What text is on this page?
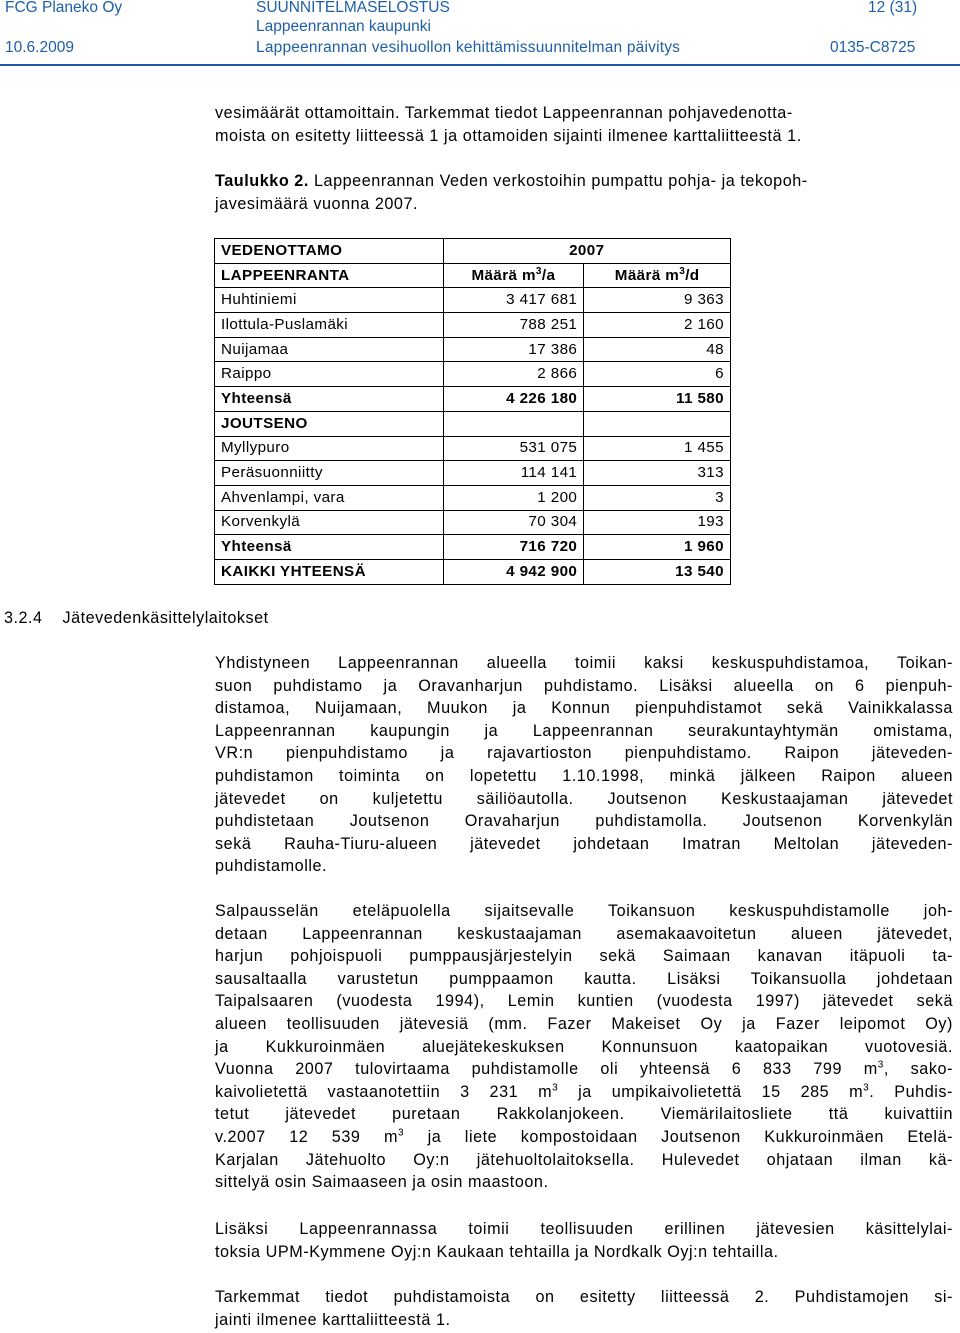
FCG Planeko Oy	SUUNNITELMASELOSTUS	12 (31)
Lappeenrannan kaupunki
10.6.2009	Lappeenrannan vesihuollon kehittämissuunnitelman päivitys	0135-C8725
vesimäärät ottamoittain. Tarkemmat tiedot Lappeenrannan pohjavedenotta-
moista on esitetty liitteessä 1 ja ottamoiden sijainti ilmenee karttaliitteestä 1.
Taulukko 2. Lappeenrannan Veden verkostoihin pumpattu pohja- ja tekopoh-
javesimäärä vuonna 2007.
VEDENOTTAMO	2007	
LAPPEENRANTA	Määrä $m^3/a$	Määrä $m^3/d$
Huhtiniemi	3 417 681	9 363
Ilottula-Puslamäki	788 251	2 160
Nuijamaa	17 386	48
Raippo	2 866	6
Yhteensä	4 226 180	11 580
JOUTSENO		
Myllypuro	531 075	1 455
Peräsuonniitty	114 141	313
Ahvenlampi, vara	1 200	3
Korvenkylä	70 304	193
Yhteensä	716 720	1 960
KAIKKI YHTEENSÄ	4 942 900	13 540
3.2.4 Jätevedenkäsittelylaitokset
Yhdistyneen Lappeenrannan alueella toimii kaksi keskuspuhdistamoa, Toikan-
suon puhdistamo ja Oravanharjun puhdistamo. Lisäksi alueella on 6 pienpuh-
distamoa, Nuijamaan, Muukon ja Konnun pienpuhdistamot sekä Vainikkalassa
Lappeenrannan kaupungin ja Lappeenrannan seurakuntayhtymän omistama,
VR:n pienpuhdistamo ja rajavartioston pienpuhdistamo. Raipon jäteveden-
puhdistamon toiminta on lopetettu 1.10.1998, minkä jälkeen Raipon alueen
jätevedet on kuljetettu säiliöautolla. Joutsenon Keskustaajaman jätevedet
puhdistetaan Joutsenon Oravaharjun puhdistamolla. Joutsenon Korvenkylän
sekä Rauha-Tiuru-alueen jätevedet johdetaan Imatran Meltolan jäteveden-
puhdistamolle.
Salpausselän eteläpuolella sijaitsevalle Toikansuon keskuspuhdistamolle joh-
detaan Lappeenrannan keskustaajaman asemakaavoitetun alueen jätevedet,
harjun pohjoispuoli pumppausjärjestelyin sekä Saimaan kanavan itäpuoli ta-
sausaltaalla varustetun pumppaamon kautta. Lisäksi Toikansuolla johdetaan
Taipalsaaren (vuodesta 1994), Lemin kuntien (vuodesta 1997) jätevedet sekä
alueen teollisuuden jätevesiä (mm. Fazer Makeiset Oy ja Fazer leipomot Oy)
ja Kukkuroinmäen aluejätekeskuksen Konnunsuon kaatopaikan vuotovesiä.
Vuonna 2007 tulovirtaama puhdistamolle oli yhteensä 6 833 799 $m^3$, sako-
kaivolietettä vastaanotettiin 3 231 $m^3$ ja umpikaivolietettä 15 285 $m^3$. Puhdis-
tetut jätevedet puretaan Rakkolanjokeen. Viemärilaitosliete ttä kuivattiin
v.2007 12 539 $m^3$ ja liete kompostoidaan Joutsenon Kukkuroinmäen Etelä-
Karjalan Jätehuolto Oy:n jätehuoltolaitoksella. Hulevedet ohjataan ilman kä-
sittelyä osin Saimaaseen ja osin maastoon.
Lisäksi Lappeenrannassa toimii teollisuuden erillinen jätevesien käsittelylai-
toksia UPM-Kymmene Oyj:n Kaukaan tehtailla ja Nordkalk Oyj:n tehtailla.
Tarkemmat tiedot puhdistamoista on esitetty liitteessä 2. Puhdistamojen si-
jainti ilmenee karttaliitteestä 1.
